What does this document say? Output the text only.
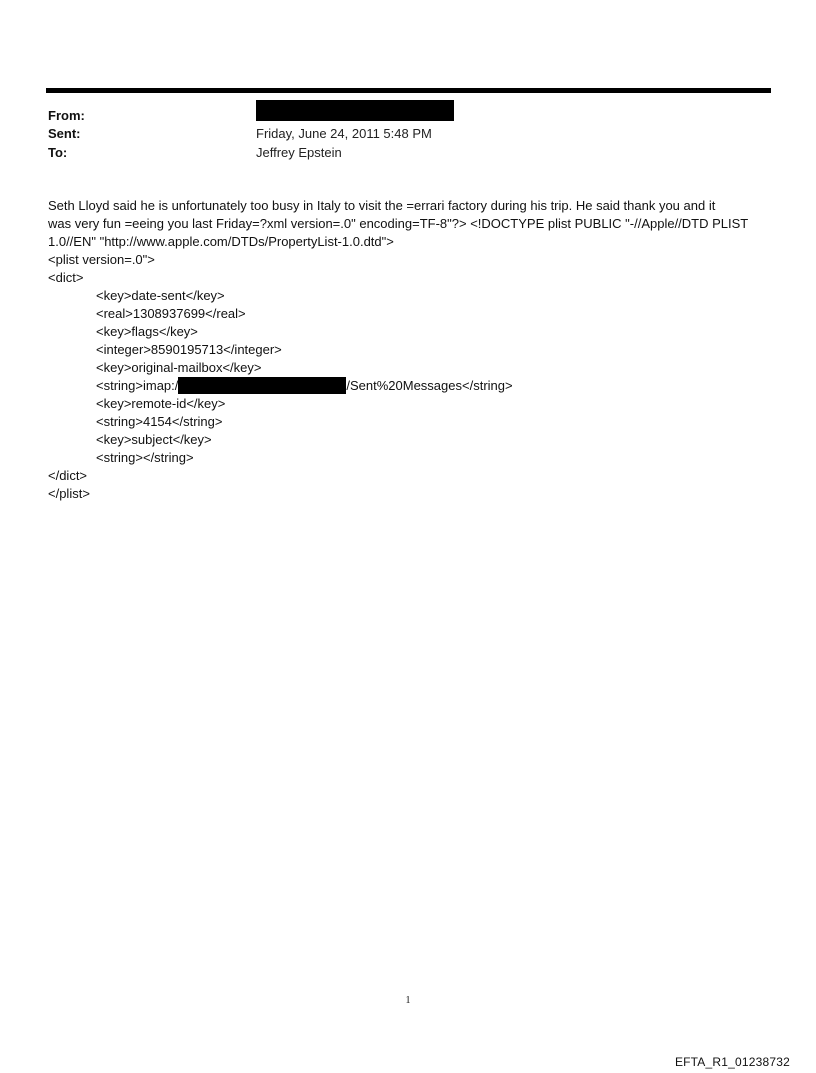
From:
Sent:	Friday, June 24, 2011 5:48 PM
To:	Jeffrey Epstein
Seth Lloyd said he is unfortunately too busy in Italy to visit the =errari factory during his trip. He said thank you and it
was very fun =eeing you last Friday=?xml version=.0" encoding=TF-8"?> <!DOCTYPE plist PUBLIC "-//Apple//DTD PLIST
1.0//EN" "http://www.apple.com/DTDs/PropertyList-1.0.dtd">
<plist version=.0">
<dict>
<key>date-sent</key>
<real>1308937699</real>
<key>flags</key>
<integer>8590195713</integer>
<key>original-mailbox</key>
<string>imap:/	/Sent%20Messages</string>
<key>remote-id</key>
<string>4154</string>
<key>subject</key>
<string></string>
</dict>
</plist>
1
EFTA_R1_01238732
